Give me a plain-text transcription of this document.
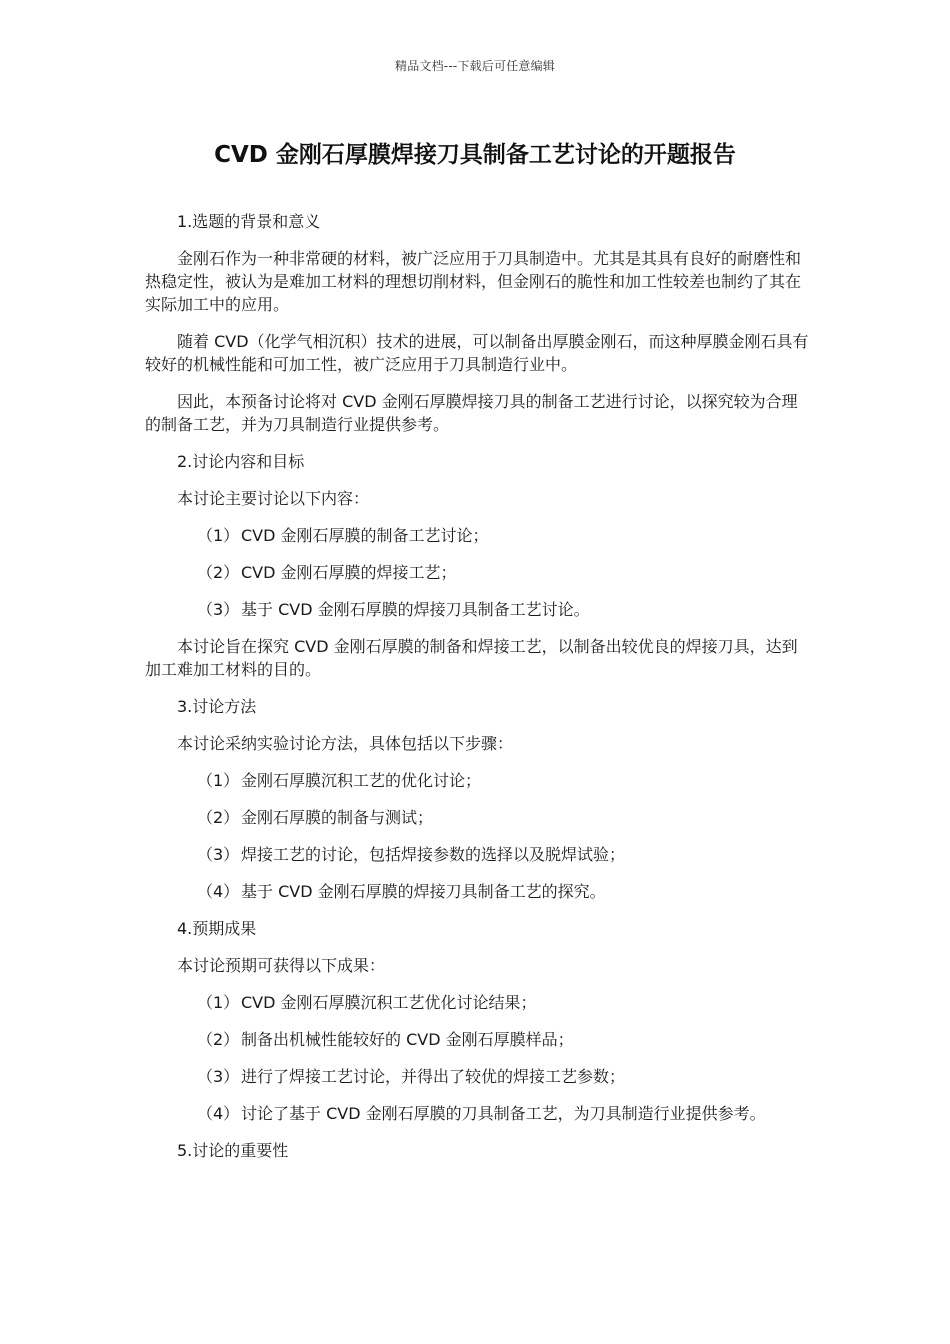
精品文档---下载后可任意编辑
CVD 金刚石厚膜焊接刀具制备工艺讨论的开题报告

1.选题的背景和意义

金刚石作为一种非常硬的材料，被广泛应用于刀具制造中。尤其是其具有良好的耐磨性和热稳定性，被认为是难加工材料的理想切削材料，但金刚石的脆性和加工性较差也制约了其在实际加工中的应用。

随着 CVD（化学气相沉积）技术的进展，可以制备出厚膜金刚石，而这种厚膜金刚石具有较好的机械性能和可加工性，被广泛应用于刀具制造行业中。

因此，本预备讨论将对 CVD 金刚石厚膜焊接刀具的制备工艺进行讨论，以探究较为合理的制备工艺，并为刀具制造行业提供参考。

2.讨论内容和目标

本讨论主要讨论以下内容：

（1） CVD 金刚石厚膜的制备工艺讨论；

（2） CVD 金刚石厚膜的焊接工艺；

（3） 基于 CVD 金刚石厚膜的焊接刀具制备工艺讨论。

本讨论旨在探究 CVD 金刚石厚膜的制备和焊接工艺，以制备出较优良的焊接刀具，达到加工难加工材料的目的。

3.讨论方法

本讨论采纳实验讨论方法，具体包括以下步骤：

（1） 金刚石厚膜沉积工艺的优化讨论；

（2） 金刚石厚膜的制备与测试；

（3） 焊接工艺的讨论，包括焊接参数的选择以及脱焊试验；

（4） 基于 CVD 金刚石厚膜的焊接刀具制备工艺的探究。

4.预期成果

本讨论预期可获得以下成果：

（1） CVD 金刚石厚膜沉积工艺优化讨论结果；

（2） 制备出机械性能较好的 CVD 金刚石厚膜样品；

（3） 进行了焊接工艺讨论，并得出了较优的焊接工艺参数；

（4） 讨论了基于 CVD 金刚石厚膜的刀具制备工艺，为刀具制造行业提供参考。

5.讨论的重要性
